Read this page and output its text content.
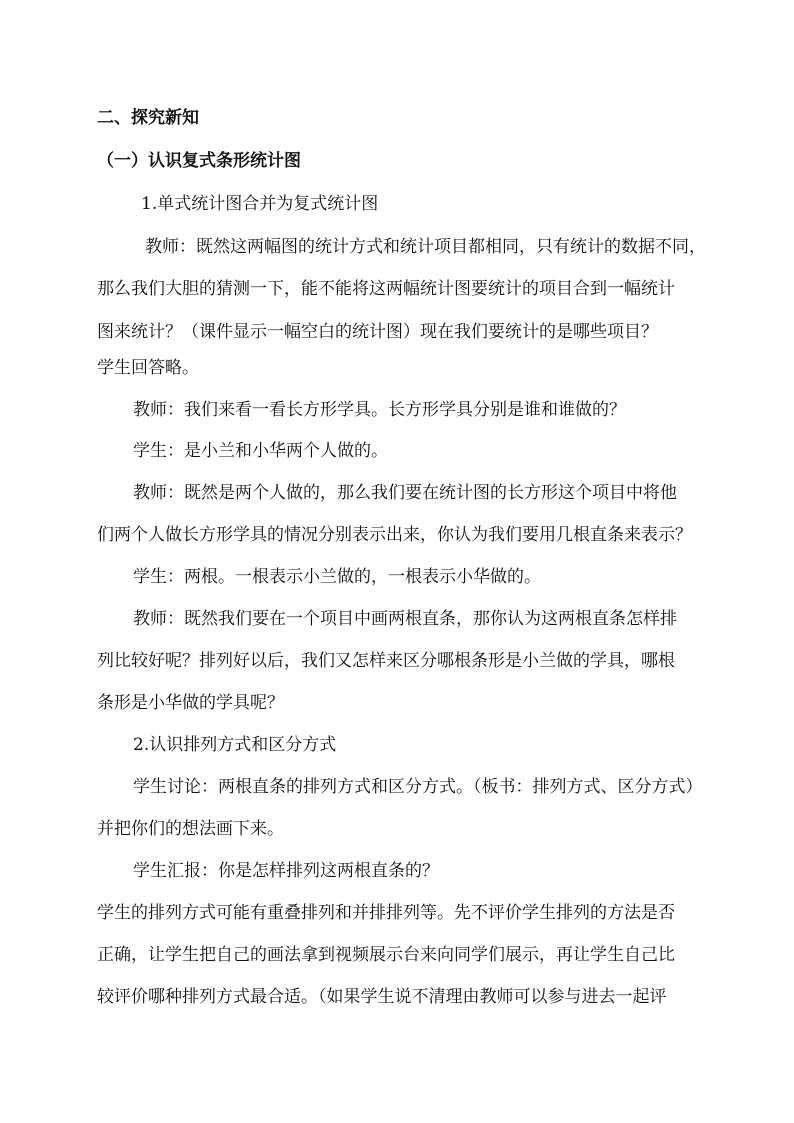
二、探究新知
（一）认识复式条形统计图
1.单式统计图合并为复式统计图
教师：既然这两幅图的统计方式和统计项目都相同，只有统计的数据不同，
那么我们大胆的猜测一下，能不能将这两幅统计图要统计的项目合到一幅统计
图来统计？（课件显示一幅空白的统计图）现在我们要统计的是哪些项目？
学生回答略。
教师：我们来看一看长方形学具。长方形学具分别是谁和谁做的？
学生：是小兰和小华两个人做的。
教师：既然是两个人做的，那么我们要在统计图的长方形这个项目中将他
们两个人做长方形学具的情况分别表示出来，你认为我们要用几根直条来表示？
学生：两根。一根表示小兰做的，一根表示小华做的。
教师：既然我们要在一个项目中画两根直条，那你认为这两根直条怎样排
列比较好呢？排列好以后，我们又怎样来区分哪根条形是小兰做的学具，哪根
条形是小华做的学具呢？
2.认识排列方式和区分方式
学生讨论：两根直条的排列方式和区分方式。（板书：排列方式、区分方式）
并把你们的想法画下来。
学生汇报：你是怎样排列这两根直条的？
学生的排列方式可能有重叠排列和并排排列等。先不评价学生排列的方法是否
正确，让学生把自己的画法拿到视频展示台来向同学们展示，再让学生自己比
较评价哪种排列方式最合适。（如果学生说不清理由教师可以参与进去一起评
